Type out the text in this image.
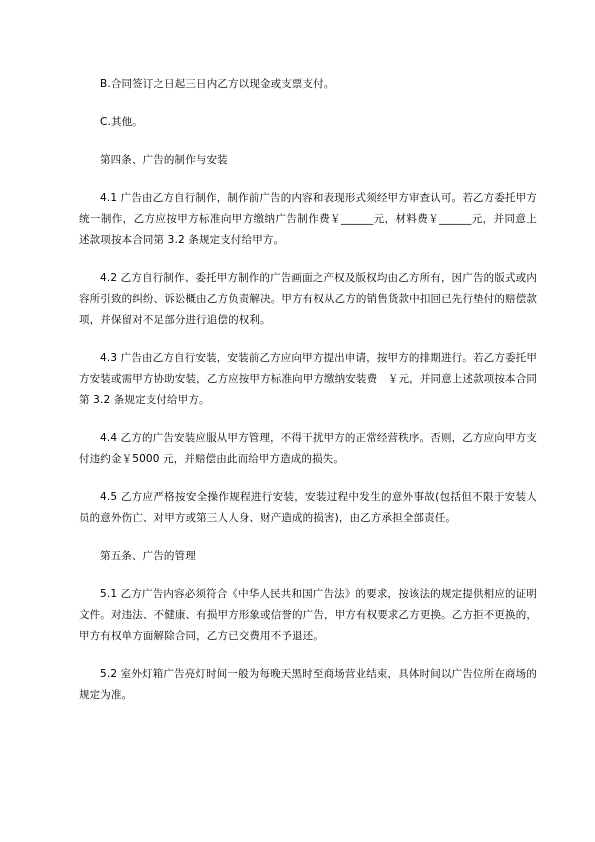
B.合同签订之日起三日内乙方以现金或支票支付。

C.其他。

第四条、广告的制作与安装

4.1 广告由乙方自行制作，制作前广告的内容和表现形式须经甲方审查认可。若乙方委托甲方统一制作，乙方应按甲方标准向甲方缴纳广告制作费￥______元，材料费￥______元，并同意上述款项按本合同第 3.2 条规定支付给甲方。

4.2 乙方自行制作、委托甲方制作的广告画面之产权及版权均由乙方所有，因广告的版式或内容所引致的纠纷、诉讼概由乙方负责解决。甲方有权从乙方的销售货款中扣回已先行垫付的赔偿款项，并保留对不足部分进行追偿的权利。

4.3 广告由乙方自行安装，安装前乙方应向甲方提出申请，按甲方的排期进行。若乙方委托甲方安装或需甲方协助安装，乙方应按甲方标准向甲方缴纳安装费　￥元，并同意上述款项按本合同第 3.2 条规定支付给甲方。

4.4 乙方的广告安装应服从甲方管理，不得干扰甲方的正常经营秩序。否则，乙方应向甲方支付违约金￥5000 元，并赔偿由此而给甲方造成的损失。

4.5 乙方应严格按安全操作规程进行安装，安装过程中发生的意外事故(包括但不限于安装人员的意外伤亡、对甲方或第三人人身、财产造成的损害)，由乙方承担全部责任。

第五条、广告的管理

5.1 乙方广告内容必须符合《中华人民共和国广告法》的要求，按该法的规定提供相应的证明文件。对违法、不健康、有损甲方形象或信誉的广告，甲方有权要求乙方更换。乙方拒不更换的，甲方有权单方面解除合同，乙方已交费用不予退还。

5.2 室外灯箱广告亮灯时间一般为每晚天黑时至商场营业结束，具体时间以广告位所在商场的规定为准。
